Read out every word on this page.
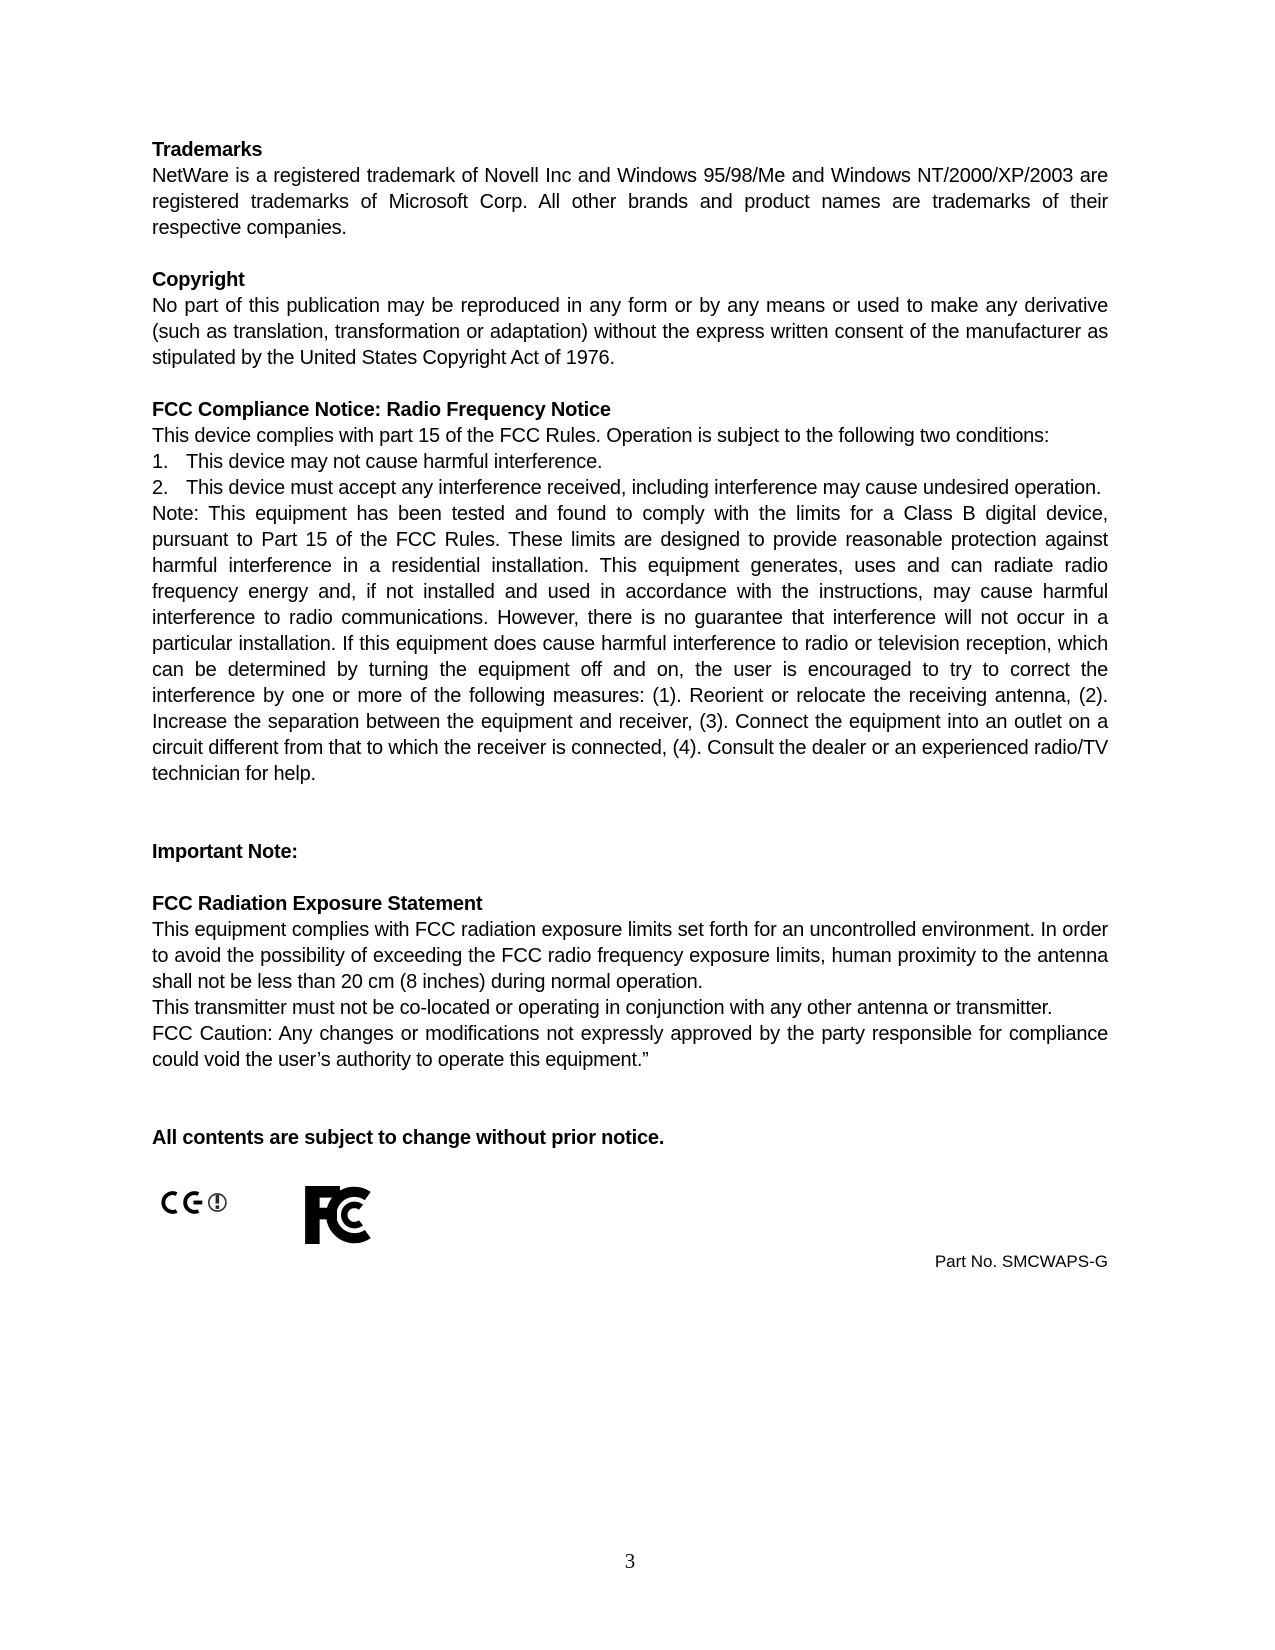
Trademarks
NetWare is a registered trademark of Novell Inc and Windows 95/98/Me and Windows NT/2000/XP/2003 are registered trademarks of Microsoft Corp. All other brands and product names are trademarks of their respective companies.
Copyright
No part of this publication may be reproduced in any form or by any means or used to make any derivative (such as translation, transformation or adaptation) without the express written consent of the manufacturer as stipulated by the United States Copyright Act of 1976.
FCC Compliance Notice: Radio Frequency Notice
This device complies with part 15 of the FCC Rules. Operation is subject to the following two conditions:
1. This device may not cause harmful interference.
2. This device must accept any interference received, including interference may cause undesired operation.
Note: This equipment has been tested and found to comply with the limits for a Class B digital device, pursuant to Part 15 of the FCC Rules. These limits are designed to provide reasonable protection against harmful interference in a residential installation. This equipment generates, uses and can radiate radio frequency energy and, if not installed and used in accordance with the instructions, may cause harmful interference to radio communications. However, there is no guarantee that interference will not occur in a particular installation. If this equipment does cause harmful interference to radio or television reception, which can be determined by turning the equipment off and on, the user is encouraged to try to correct the interference by one or more of the following measures: (1). Reorient or relocate the receiving antenna, (2). Increase the separation between the equipment and receiver, (3). Connect the equipment into an outlet on a circuit different from that to which the receiver is connected, (4). Consult the dealer or an experienced radio/TV technician for help.
Important Note:
FCC Radiation Exposure Statement
This equipment complies with FCC radiation exposure limits set forth for an uncontrolled environment. In order to avoid the possibility of exceeding the FCC radio frequency exposure limits, human proximity to the antenna shall not be less than 20 cm (8 inches) during normal operation.
This transmitter must not be co-located or operating in conjunction with any other antenna or transmitter.
FCC Caution: Any changes or modifications not expressly approved by the party responsible for compliance could void the user’s authority to operate this equipment.”
All contents are subject to change without prior notice.
Part No. SMCWAPS-G
3
